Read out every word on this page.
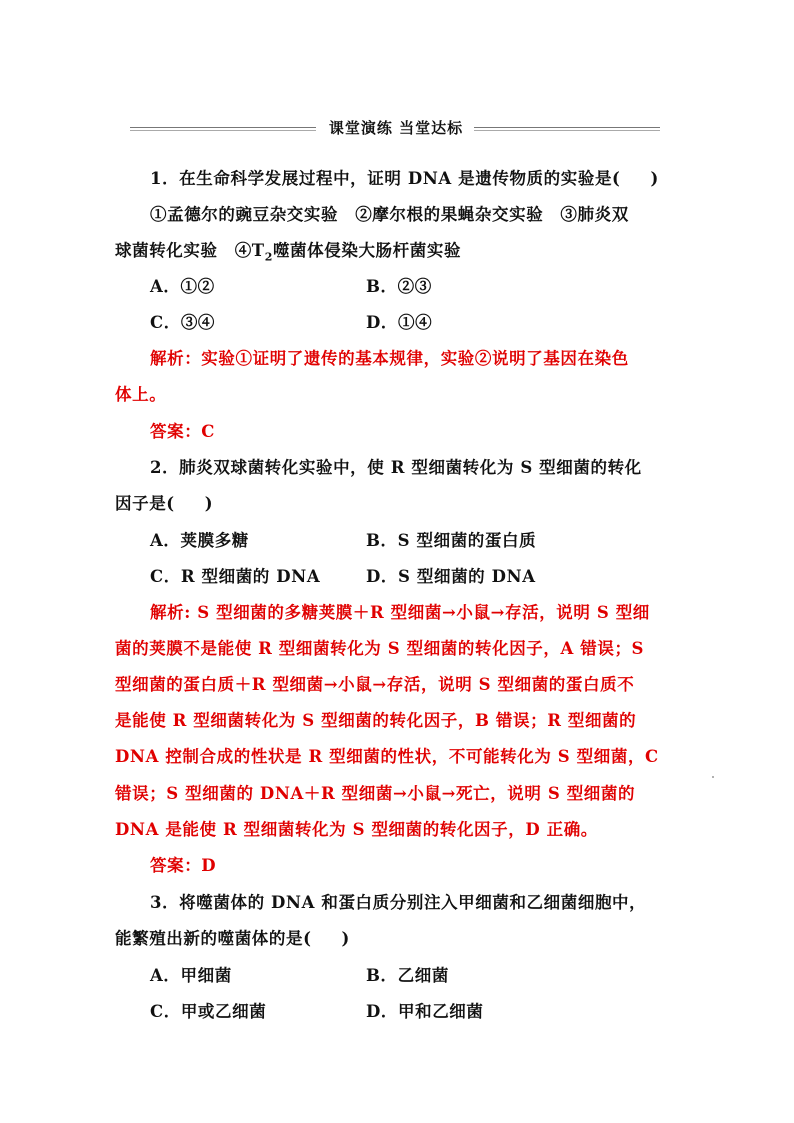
课堂演练 当堂达标
1．在生命科学发展过程中，证明 DNA 是遗传物质的实验是( )
①孟德尔的豌豆杂交实验　②摩尔根的果蝇杂交实验　③肺炎双
球菌转化实验　$④T_2$噬菌体侵染大肠杆菌实验
A．①②	B．②③
C．③④	D．①④
解析：实验①证明了遗传的基本规律，实验②说明了基因在染色
体上。
答案：C
2．肺炎双球菌转化实验中，使 R 型细菌转化为 S 型细菌的转化
因子是( )
A．荚膜多糖	B．S 型细菌的蛋白质
C．R 型细菌的 DNA	D．S 型细菌的 DNA
解析: S 型细菌的多糖荚膜＋R 型细菌→小鼠→存活，说明 S 型细
菌的荚膜不是能使 R 型细菌转化为 S 型细菌的转化因子，A 错误；S
型细菌的蛋白质＋R 型细菌→小鼠→存活，说明 S 型细菌的蛋白质不
是能使 R 型细菌转化为 S 型细菌的转化因子，B 错误；R 型细菌的
DNA 控制合成的性状是 R 型细菌的性状，不可能转化为 S 型细菌，C
错误；S 型细菌的 DNA＋R 型细菌→小鼠→死亡，说明 S 型细菌的
DNA 是能使 R 型细菌转化为 S 型细菌的转化因子，D 正确。
答案：D
3．将噬菌体的 DNA 和蛋白质分别注入甲细菌和乙细菌细胞中，
能繁殖出新的噬菌体的是( )
A．甲细菌	B．乙细菌
C．甲或乙细菌	D．甲和乙细菌
